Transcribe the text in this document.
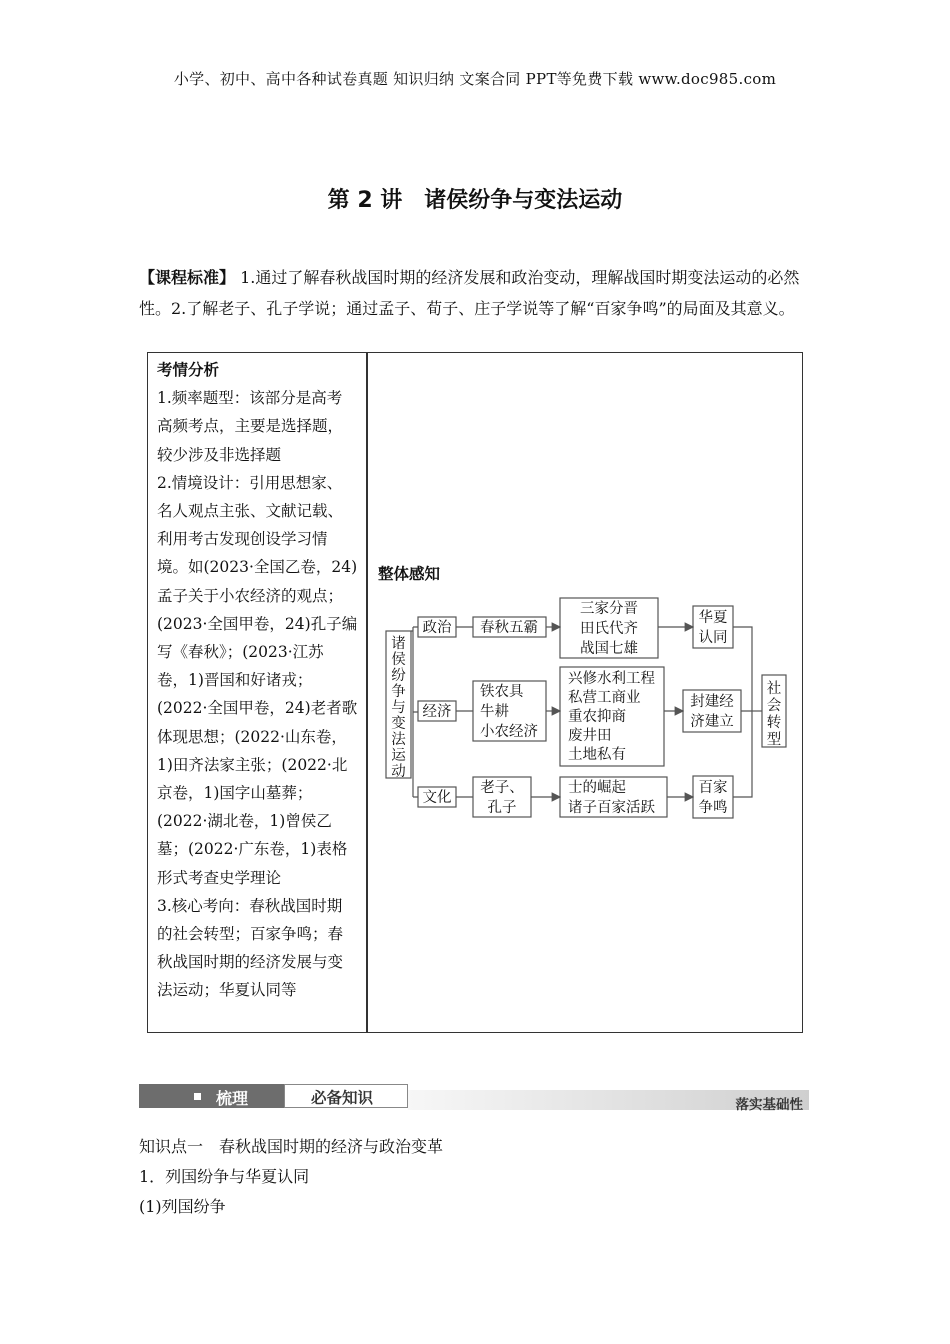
小学、初中、高中各种试卷真题 知识归纳 文案合同 PPT等免费下载 www.doc985.com
第 2 讲　诸侯纷争与变法运动
【课程标准】 1.通过了解春秋战国时期的经济发展和政治变动，理解战国时期变法运动的必然性。2.了解老子、孔子学说；通过孟子、荀子、庄子学说等了解“百家争鸣”的局面及其意义。
考情分析
1.频率题型：该部分是高考
高频考点，主要是选择题，
较少涉及非选择题
2.情境设计：引用思想家、
名人观点主张、文献记载、
利用考古发现创设学习情
境。如(2023·全国乙卷，24)
孟子关于小农经济的观点；
(2023·全国甲卷，24)孔子编
写《春秋》；(2023·江苏
卷，1)晋国和好诸戎；
(2022·全国甲卷，24)老者歌
体现思想；(2022·山东卷，
1)田齐法家主张；(2022·北
京卷，1)国字山墓葬；
(2022·湖北卷，1)曾侯乙
墓；(2022·广东卷，1)表格
形式考查史学理论
3.核心考向：春秋战国时期
的社会转型；百家争鸣；春
秋战国时期的经济发展与变
法运动；华夏认同等
整体感知
诸侯纷争与变法运动
政治
经济
文化
春秋五霸
铁农具
牛耕
小农经济
老子、
孔子
三家分晋
田氏代齐
战国七雄
兴修水利工程
私营工商业
重农抑商
废井田
土地私有
士的崛起
诸子百家活跃
华夏
认同
封建经
济建立
百家
争鸣
社会转型
梳理	必备知识	落实基础性
知识点一　春秋战国时期的经济与政治变革
1．列国纷争与华夏认同
(1)列国纷争
